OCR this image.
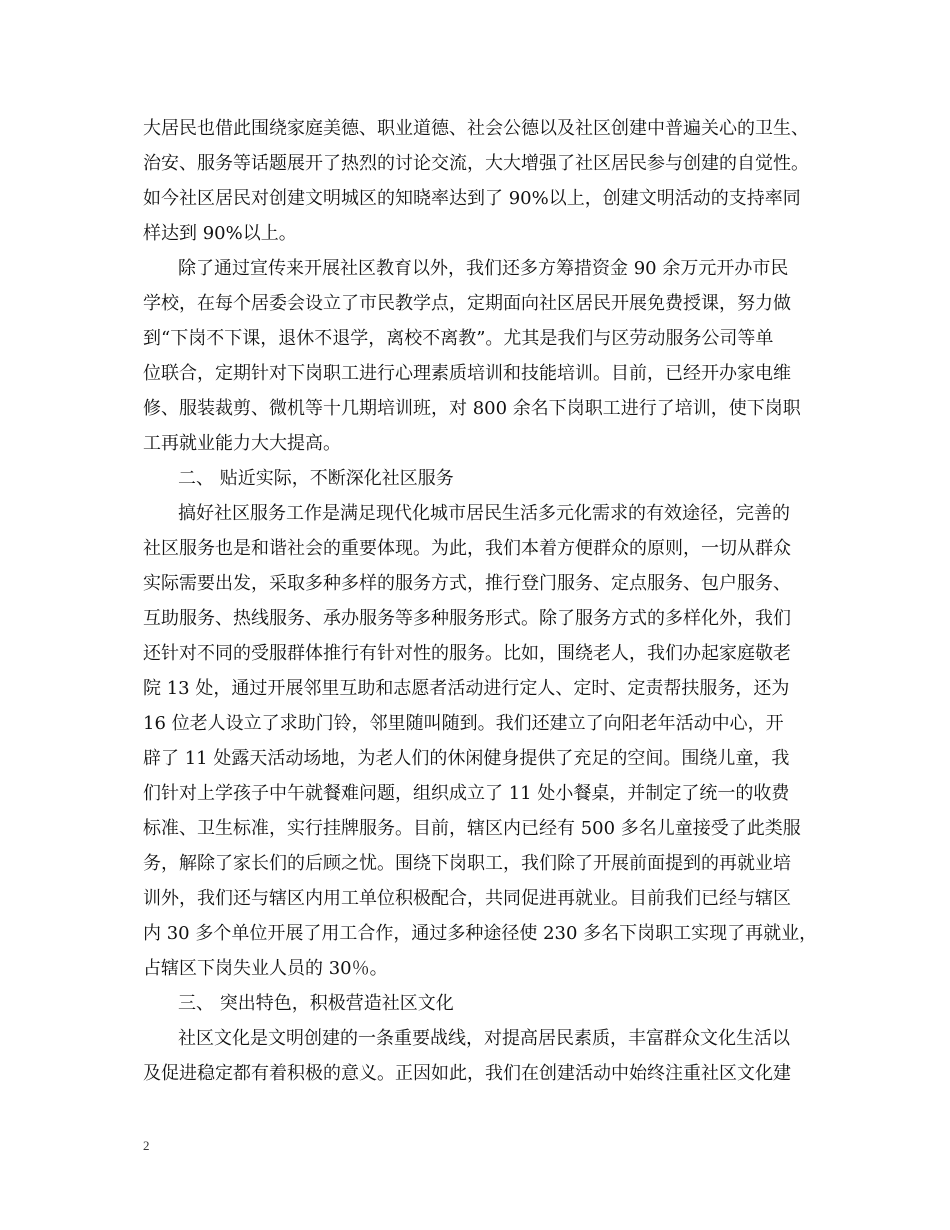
大居民也借此围绕家庭美德、职业道德、社会公德以及社区创建中普遍关心的卫生、
治安、服务等话题展开了热烈的讨论交流，大大增强了社区居民参与创建的自觉性。
如今社区居民对创建文明城区的知晓率达到了 90%以上，创建文明活动的支持率同
样达到 90%以上。
除了通过宣传来开展社区教育以外，我们还多方筹措资金 90 余万元开办市民
学校，在每个居委会设立了市民教学点，定期面向社区居民开展免费授课，努力做
到“下岗不下课，退休不退学，离校不离教”。尤其是我们与区劳动服务公司等单
位联合，定期针对下岗职工进行心理素质培训和技能培训。目前，已经开办家电维
修、服装裁剪、微机等十几期培训班，对 800 余名下岗职工进行了培训，使下岗职
工再就业能力大大提高。
二、 贴近实际，不断深化社区服务
搞好社区服务工作是满足现代化城市居民生活多元化需求的有效途径，完善的
社区服务也是和谐社会的重要体现。为此，我们本着方便群众的原则，一切从群众
实际需要出发，采取多种多样的服务方式，推行登门服务、定点服务、包户服务、
互助服务、热线服务、承办服务等多种服务形式。除了服务方式的多样化外，我们
还针对不同的受服群体推行有针对性的服务。比如，围绕老人，我们办起家庭敬老
院 13 处，通过开展邻里互助和志愿者活动进行定人、定时、定责帮扶服务，还为
16 位老人设立了求助门铃，邻里随叫随到。我们还建立了向阳老年活动中心，开
辟了 11 处露天活动场地，为老人们的休闲健身提供了充足的空间。围绕儿童，我
们针对上学孩子中午就餐难问题，组织成立了 11 处小餐桌，并制定了统一的收费
标准、卫生标准，实行挂牌服务。目前，辖区内已经有 500 多名儿童接受了此类服
务，解除了家长们的后顾之忧。围绕下岗职工，我们除了开展前面提到的再就业培
训外，我们还与辖区内用工单位积极配合，共同促进再就业。目前我们已经与辖区
内 30 多个单位开展了用工合作，通过多种途径使 230 多名下岗职工实现了再就业，
占辖区下岗失业人员的 30％。
三、 突出特色，积极营造社区文化
社区文化是文明创建的一条重要战线，对提高居民素质，丰富群众文化生活以
及促进稳定都有着积极的意义。正因如此，我们在创建活动中始终注重社区文化建
2
